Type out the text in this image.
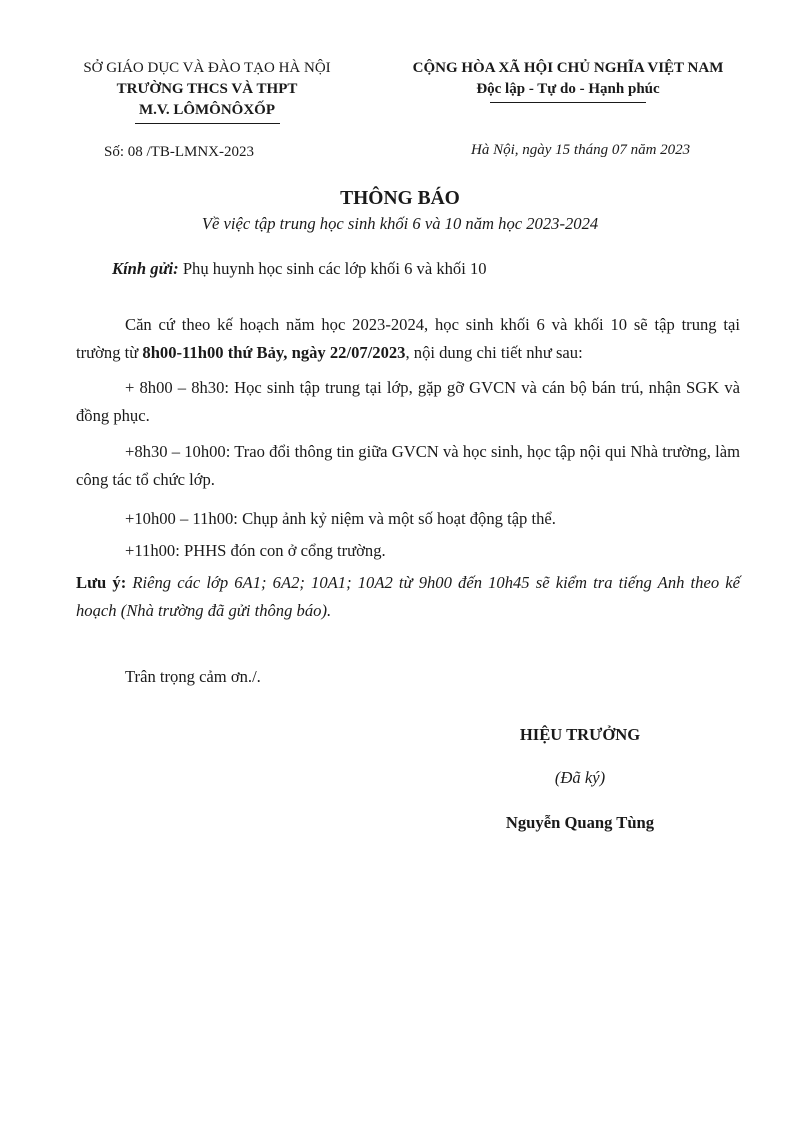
SỞ GIÁO DỤC VÀ ĐÀO TẠO HÀ NỘI
TRƯỜNG THCS VÀ THPT
M.V. LÔMÔNÔXỐP
CỘNG HÒA XÃ HỘI CHỦ NGHĨA VIỆT NAM
Độc lập - Tự do - Hạnh phúc
Số: 08 /TB-LMNX-2023	Hà Nội, ngày 15 tháng 07 năm 2023
THÔNG BÁO
Về việc tập trung học sinh khối 6 và 10 năm học 2023-2024
Kính gửi: Phụ huynh học sinh các lớp khối 6 và khối 10
Căn cứ theo kế hoạch năm học 2023-2024, học sinh khối 6 và khối 10 sẽ tập trung tại trường từ 8h00-11h00 thứ Bảy, ngày 22/07/2023, nội dung chi tiết như sau:
+ 8h00 – 8h30: Học sinh tập trung tại lớp, gặp gỡ GVCN và cán bộ bán trú, nhận SGK và đồng phục.
+8h30 – 10h00: Trao đổi thông tin giữa GVCN và học sinh, học tập nội qui Nhà trường, làm công tác tổ chức lớp.
+10h00 – 11h00: Chụp ảnh kỷ niệm và một số hoạt động tập thể.
+11h00: PHHS đón con ở cổng trường.
Lưu ý: Riêng các lớp 6A1; 6A2; 10A1; 10A2 từ 9h00 đến 10h45 sẽ kiểm tra tiếng Anh theo kế hoạch (Nhà trường đã gửi thông báo).
Trân trọng cảm ơn./.
HIỆU TRƯỞNG
(Đã ký)
Nguyễn Quang Tùng
